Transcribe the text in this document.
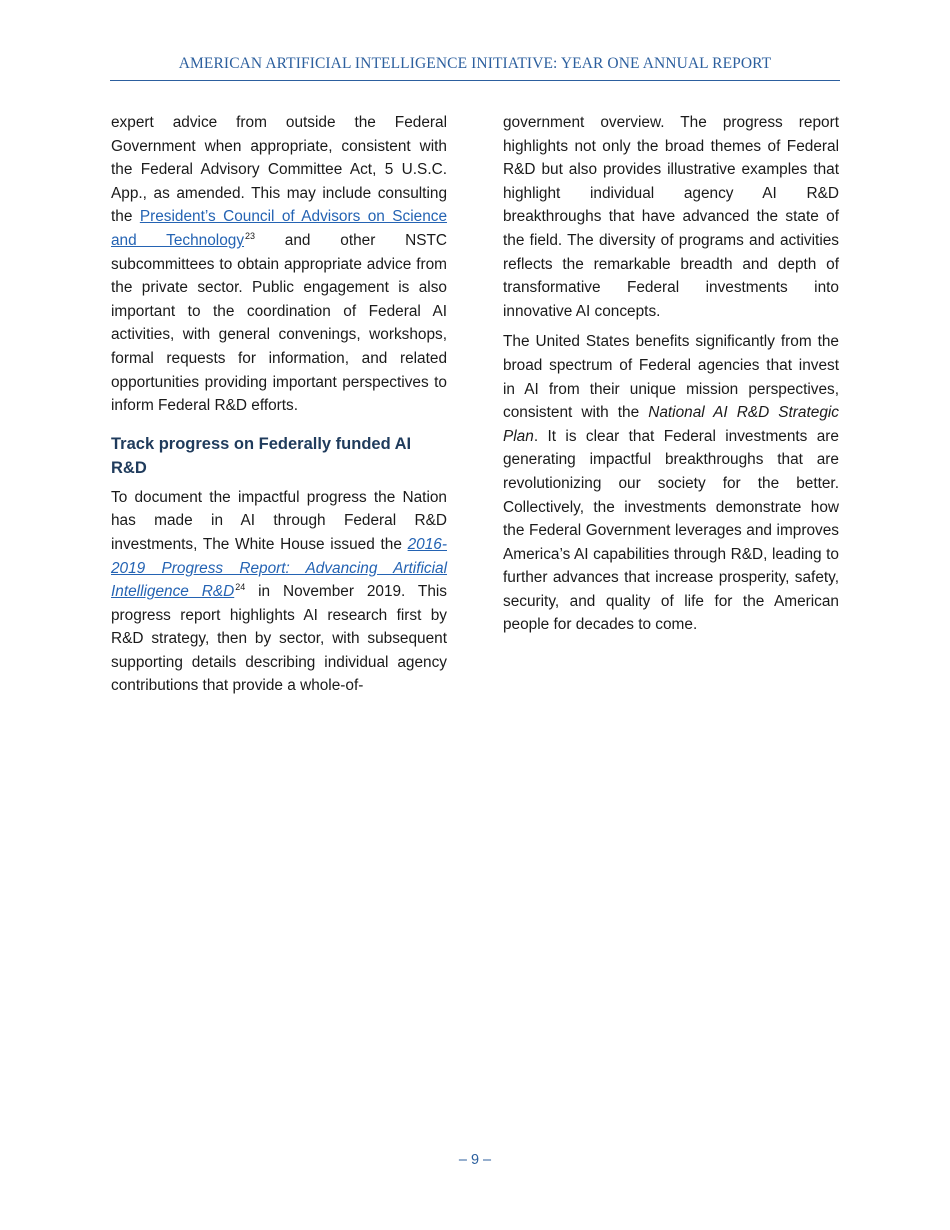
AMERICAN ARTIFICIAL INTELLIGENCE INITIATIVE: YEAR ONE ANNUAL REPORT

expert advice from outside the Federal Government when appropriate, consistent with the Federal Advisory Committee Act, 5 U.S.C. App., as amended. This may include consulting the President’s Council of Advisors on Science and Technology$^{23}$ and other NSTC subcommittees to obtain appropriate advice from the private sector. Public engagement is also important to the coordination of Federal AI activities, with general convenings, workshops, formal requests for information, and related opportunities providing important perspectives to inform Federal R&D efforts.

Track progress on Federally funded AI R&D

To document the impactful progress the Nation has made in AI through Federal R&D investments, The White House issued the 2016-2019 Progress Report: Advancing Artificial Intelligence R&D$^{24}$ in November 2019. This progress report highlights AI research first by R&D strategy, then by sector, with subsequent supporting details describing individual agency contributions that provide a whole-of-

government overview. The progress report highlights not only the broad themes of Federal R&D but also provides illustrative examples that highlight individual agency AI R&D breakthroughs that have advanced the state of the field. The diversity of programs and activities reflects the remarkable breadth and depth of transformative Federal investments into innovative AI concepts.

The United States benefits significantly from the broad spectrum of Federal agencies that invest in AI from their unique mission perspectives, consistent with the National AI R&D Strategic Plan. It is clear that Federal investments are generating impactful breakthroughs that are revolutionizing our society for the better. Collectively, the investments demonstrate how the Federal Government leverages and improves America’s AI capabilities through R&D, leading to further advances that increase prosperity, safety, security, and quality of life for the American people for decades to come.

– 9 –
